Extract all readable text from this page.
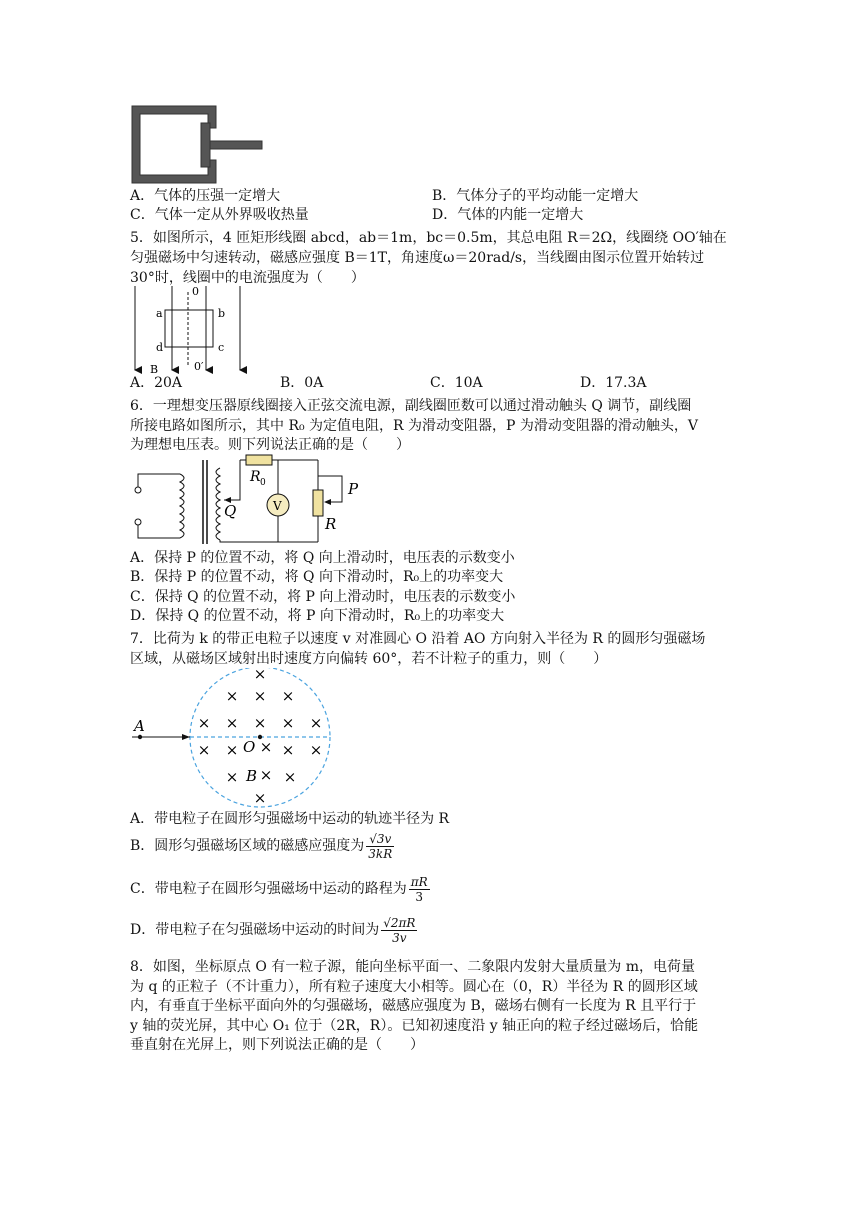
A．气体的压强一定增大	B．气体分子的平均动能一定增大
C．气体一定从外界吸收热量	D．气体的内能一定增大
5．如图所示，4 匝矩形线圈 abcd，ab＝1m，bc＝0.5m，其总电阻 R＝2Ω，线圈绕 OO′轴在
匀强磁场中匀速转动，磁感应强度 B＝1T，角速度ω＝20rad/s，当线圈由图示位置开始转过
30°时，线圈中的电流强度为（　　）
0
0′
a	b
d	c
B
A．20A	B．0A	C．10A	D．17.3A
6．一理想变压器原线圈接入正弦交流电源，副线圈匝数可以通过滑动触头 Q 调节，副线圈
所接电路如图所示，其中 R₀ 为定值电阻，R 为滑动变阻器，P 为滑动变阻器的滑动触头，V
为理想电压表。则下列说法正确的是（　　）
R 0
V
Q
P
R
A．保持 P 的位置不动，将 Q 向上滑动时，电压表的示数变小
B．保持 P 的位置不动，将 Q 向下滑动时，R₀上的功率变大
C．保持 Q 的位置不动，将 P 向上滑动时，电压表的示数变小
D．保持 Q 的位置不动，将 P 向下滑动时，R₀上的功率变大
7．比荷为 k 的带正电粒子以速度 v 对准圆心 O 沿着 AO 方向射入半径为 R 的圆形匀强磁场
区域，从磁场区域射出时速度方向偏转 60°，若不计粒子的重力，则（　　）
A
O
B
×
× × ×
× × × × ×
× × × × ×
× × ×
×
A．带电粒子在圆形匀强磁场中运动的轨迹半径为 R
B．圆形匀强磁场区域的磁感应强度为 $\frac{√3v}{3kR}$
C．带电粒子在圆形匀强磁场中运动的路程为 $\frac{\pi R}{3}$
D．带电粒子在匀强磁场中运动的时间为 $\frac{√2\pi R}{3v}$
8．如图，坐标原点 O 有一粒子源，能向坐标平面一、二象限内发射大量质量为 m，电荷量
为 q 的正粒子（不计重力），所有粒子速度大小相等。圆心在（0，R）半径为 R 的圆形区域
内，有垂直于坐标平面向外的匀强磁场，磁感应强度为 B，磁场右侧有一长度为 R 且平行于
y 轴的荧光屏，其中心 O₁ 位于（2R，R）。已知初速度沿 y 轴正向的粒子经过磁场后，恰能
垂直射在光屏上，则下列说法正确的是（　　）
